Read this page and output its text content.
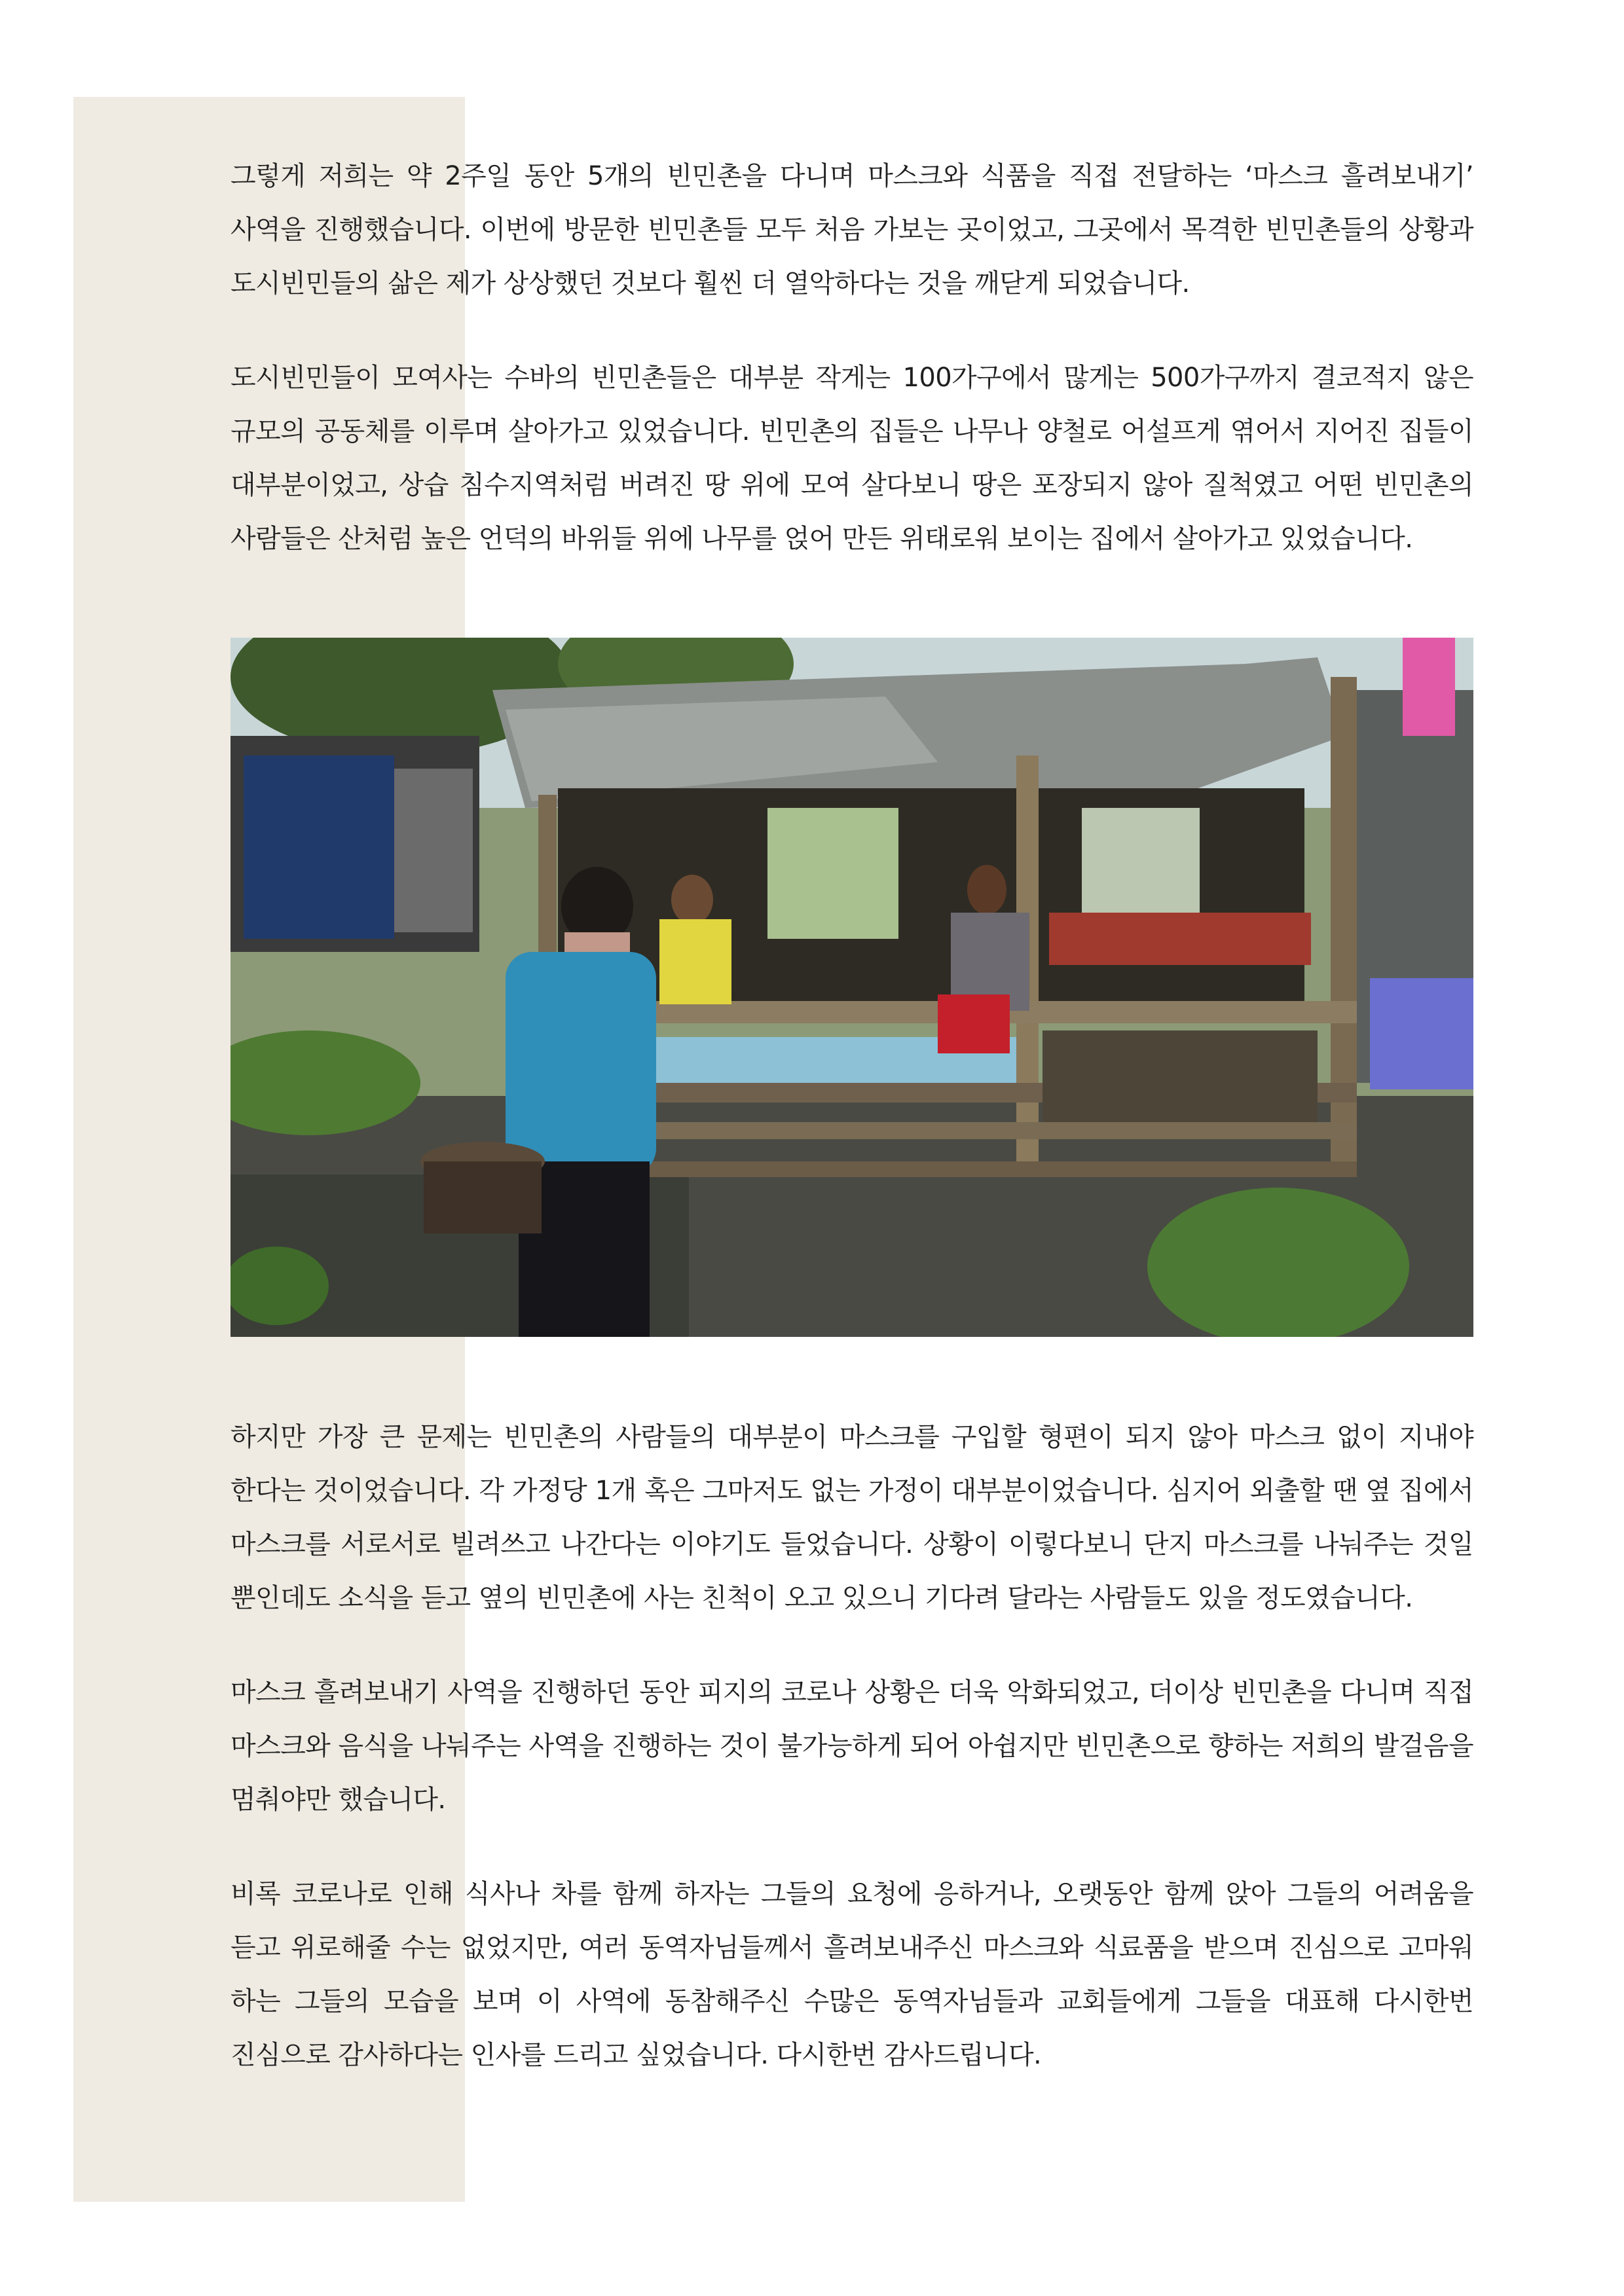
그렇게 저희는 약 2주일 동안 5개의 빈민촌을 다니며 마스크와 식품을 직접 전달하는 ‘마스크 흘려보내기’ 사역을 진행했습니다. 이번에 방문한 빈민촌들 모두 처음 가보는 곳이었고, 그곳에서 목격한 빈민촌들의 상황과 도시빈민들의 삶은 제가 상상했던 것보다 훨씬 더 열악하다는 것을 깨닫게 되었습니다.

도시빈민들이 모여사는 수바의 빈민촌들은 대부분 작게는 100가구에서 많게는 500가구까지 결코적지 않은 규모의 공동체를 이루며 살아가고 있었습니다. 빈민촌의 집들은 나무나 양철로 어설프게 엮어서 지어진 집들이 대부분이었고, 상습 침수지역처럼 버려진 땅 위에 모여 살다보니 땅은 포장되지 않아 질척였고 어떤 빈민촌의 사람들은 산처럼 높은 언덕의 바위들 위에 나무를 얹어 만든 위태로워 보이는 집에서 살아가고 있었습니다.

하지만 가장 큰 문제는 빈민촌의 사람들의 대부분이 마스크를 구입할 형편이 되지 않아 마스크 없이 지내야 한다는 것이었습니다. 각 가정당 1개 혹은 그마저도 없는 가정이 대부분이었습니다. 심지어 외출할 땐 옆 집에서 마스크를 서로서로 빌려쓰고 나간다는 이야기도 들었습니다. 상황이 이렇다보니 단지 마스크를 나눠주는 것일 뿐인데도 소식을 듣고 옆의 빈민촌에 사는 친척이 오고 있으니 기다려 달라는 사람들도 있을 정도였습니다.

마스크 흘려보내기 사역을 진행하던 동안 피지의 코로나 상황은 더욱 악화되었고, 더이상 빈민촌을 다니며 직접 마스크와 음식을 나눠주는 사역을 진행하는 것이 불가능하게 되어 아쉽지만 빈민촌으로 향하는 저희의 발걸음을 멈춰야만 했습니다.

비록 코로나로 인해 식사나 차를 함께 하자는 그들의 요청에 응하거나, 오랫동안 함께 앉아 그들의 어려움을 듣고 위로해줄 수는 없었지만, 여러 동역자님들께서 흘려보내주신 마스크와 식료품을 받으며 진심으로 고마워 하는 그들의 모습을 보며 이 사역에 동참해주신 수많은 동역자님들과 교회들에게 그들을 대표해 다시한번 진심으로 감사하다는 인사를 드리고 싶었습니다. 다시한번 감사드립니다.
